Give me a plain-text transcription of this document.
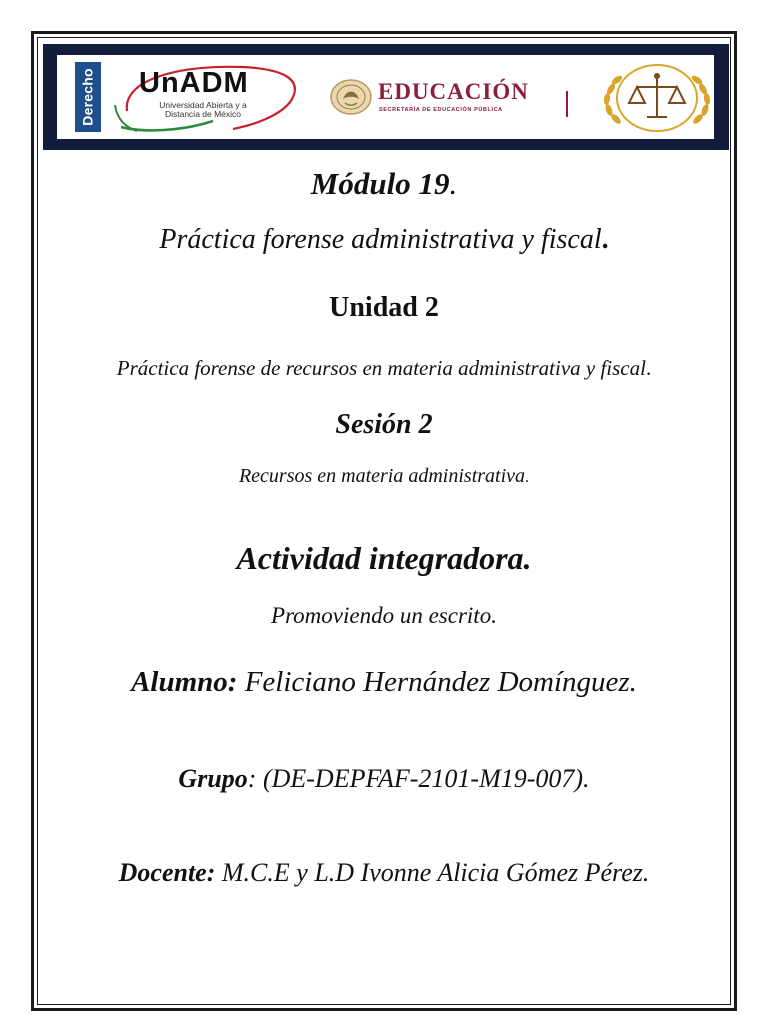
Derecho UnADM
Universidad Abierta y a
Distancia de México
EDUCACIÓN
SECRETARÍA DE EDUCACIÓN PÚBLICA
Módulo 19.
Práctica forense administrativa y fiscal.
Unidad 2
Práctica forense de recursos en materia administrativa y fiscal.
Sesión 2
Recursos en materia administrativa.
Actividad integradora.
Promoviendo un escrito.
Alumno: Feliciano Hernández Domínguez.
Grupo: (DE-DEPFAF-2101-M19-007).
Docente: M.C.E y L.D Ivonne Alicia Gómez Pérez.
